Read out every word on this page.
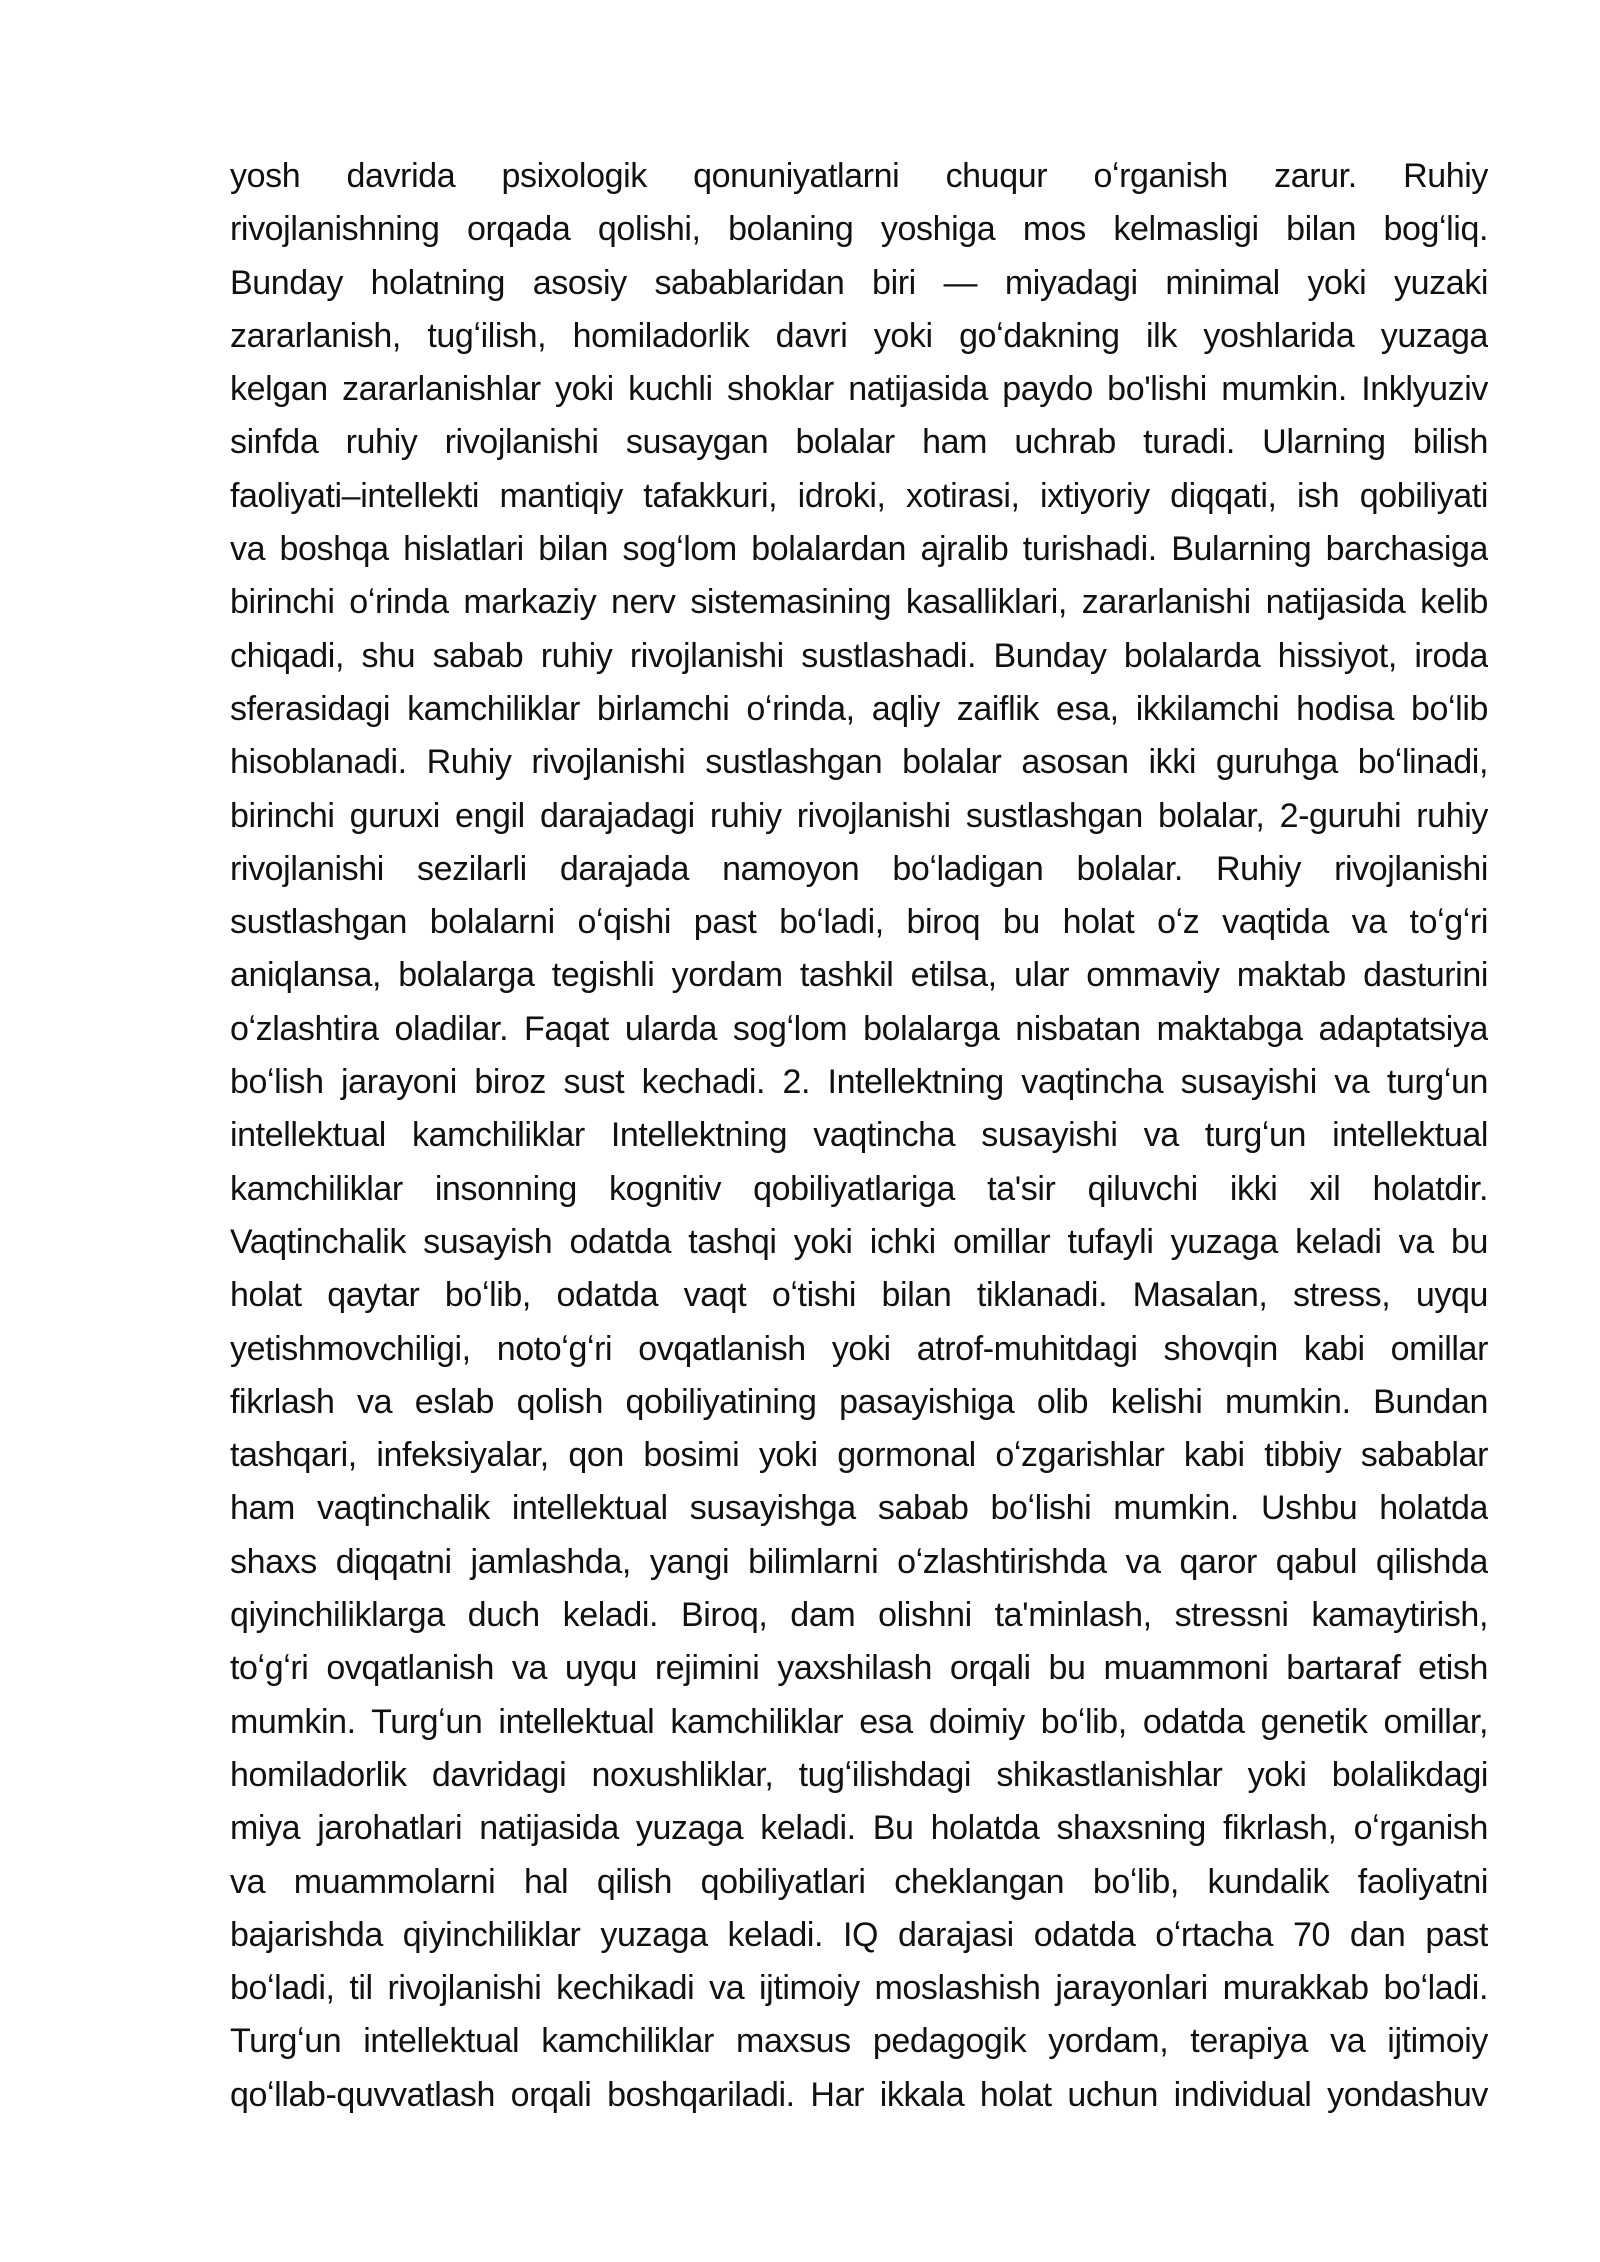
yosh davrida psixologik qonuniyatlarni chuqur oʻrganish zarur. Ruhiy
rivojlanishning orqada qolishi, bolaning yoshiga mos kelmasligi bilan bogʻliq.
Bunday holatning asosiy sabablaridan biri — miyadagi minimal yoki yuzaki
zararlanish, tugʻilish, homiladorlik davri yoki goʻdakning ilk yoshlarida yuzaga
kelgan zararlanishlar yoki kuchli shoklar natijasida paydo bo'lishi mumkin. Inklyuziv
sinfda ruhiy rivojlanishi susaygan bolalar ham uchrab turadi. Ularning bilish
faoliyati–intellekti mantiqiy tafakkuri, idroki, xotirasi, ixtiyoriy diqqati, ish qobiliyati
va boshqa hislatlari bilan sogʻlom bolalardan ajralib turishadi. Bularning barchasiga
birinchi oʻrinda markaziy nerv sistemasining kasalliklari, zararlanishi natijasida kelib
chiqadi, shu sabab ruhiy rivojlanishi sustlashadi. Bunday bolalarda hissiyot, iroda
sferasidagi kamchiliklar birlamchi oʻrinda, aqliy zaiflik esa, ikkilamchi hodisa boʻlib
hisoblanadi. Ruhiy rivojlanishi sustlashgan bolalar asosan ikki guruhga boʻlinadi,
birinchi guruxi engil darajadagi ruhiy rivojlanishi sustlashgan bolalar, 2-guruhi ruhiy
rivojlanishi sezilarli darajada namoyon boʻladigan bolalar. Ruhiy rivojlanishi
sustlashgan bolalarni oʻqishi past boʻladi, biroq bu holat oʻz vaqtida va toʻgʻri
aniqlansa, bolalarga tegishli yordam tashkil etilsa, ular ommaviy maktab dasturini
oʻzlashtira oladilar. Faqat ularda sogʻlom bolalarga nisbatan maktabga adaptatsiya
boʻlish jarayoni biroz sust kechadi. 2. Intellektning vaqtincha susayishi va turgʻun
intellektual kamchiliklar Intellektning vaqtincha susayishi va turgʻun intellektual
kamchiliklar insonning kognitiv qobiliyatlariga ta'sir qiluvchi ikki xil holatdir.
Vaqtinchalik susayish odatda tashqi yoki ichki omillar tufayli yuzaga keladi va bu
holat qaytar boʻlib, odatda vaqt oʻtishi bilan tiklanadi. Masalan, stress, uyqu
yetishmovchiligi, notoʻgʻri ovqatlanish yoki atrof-muhitdagi shovqin kabi omillar
fikrlash va eslab qolish qobiliyatining pasayishiga olib kelishi mumkin. Bundan
tashqari, infeksiyalar, qon bosimi yoki gormonal oʻzgarishlar kabi tibbiy sabablar
ham vaqtinchalik intellektual susayishga sabab boʻlishi mumkin. Ushbu holatda
shaxs diqqatni jamlashda, yangi bilimlarni oʻzlashtirishda va qaror qabul qilishda
qiyinchiliklarga duch keladi. Biroq, dam olishni ta'minlash, stressni kamaytirish,
toʻgʻri ovqatlanish va uyqu rejimini yaxshilash orqali bu muammoni bartaraf etish
mumkin. Turgʻun intellektual kamchiliklar esa doimiy boʻlib, odatda genetik omillar,
homiladorlik davridagi noxushliklar, tugʻilishdagi shikastlanishlar yoki bolalikdagi
miya jarohatlari natijasida yuzaga keladi. Bu holatda shaxsning fikrlash, oʻrganish
va muammolarni hal qilish qobiliyatlari cheklangan boʻlib, kundalik faoliyatni
bajarishda qiyinchiliklar yuzaga keladi. IQ darajasi odatda oʻrtacha 70 dan past
boʻladi, til rivojlanishi kechikadi va ijtimoiy moslashish jarayonlari murakkab boʻladi.
Turgʻun intellektual kamchiliklar maxsus pedagogik yordam, terapiya va ijtimoiy
qoʻllab-quvvatlash orqali boshqariladi. Har ikkala holat uchun individual yondashuv
